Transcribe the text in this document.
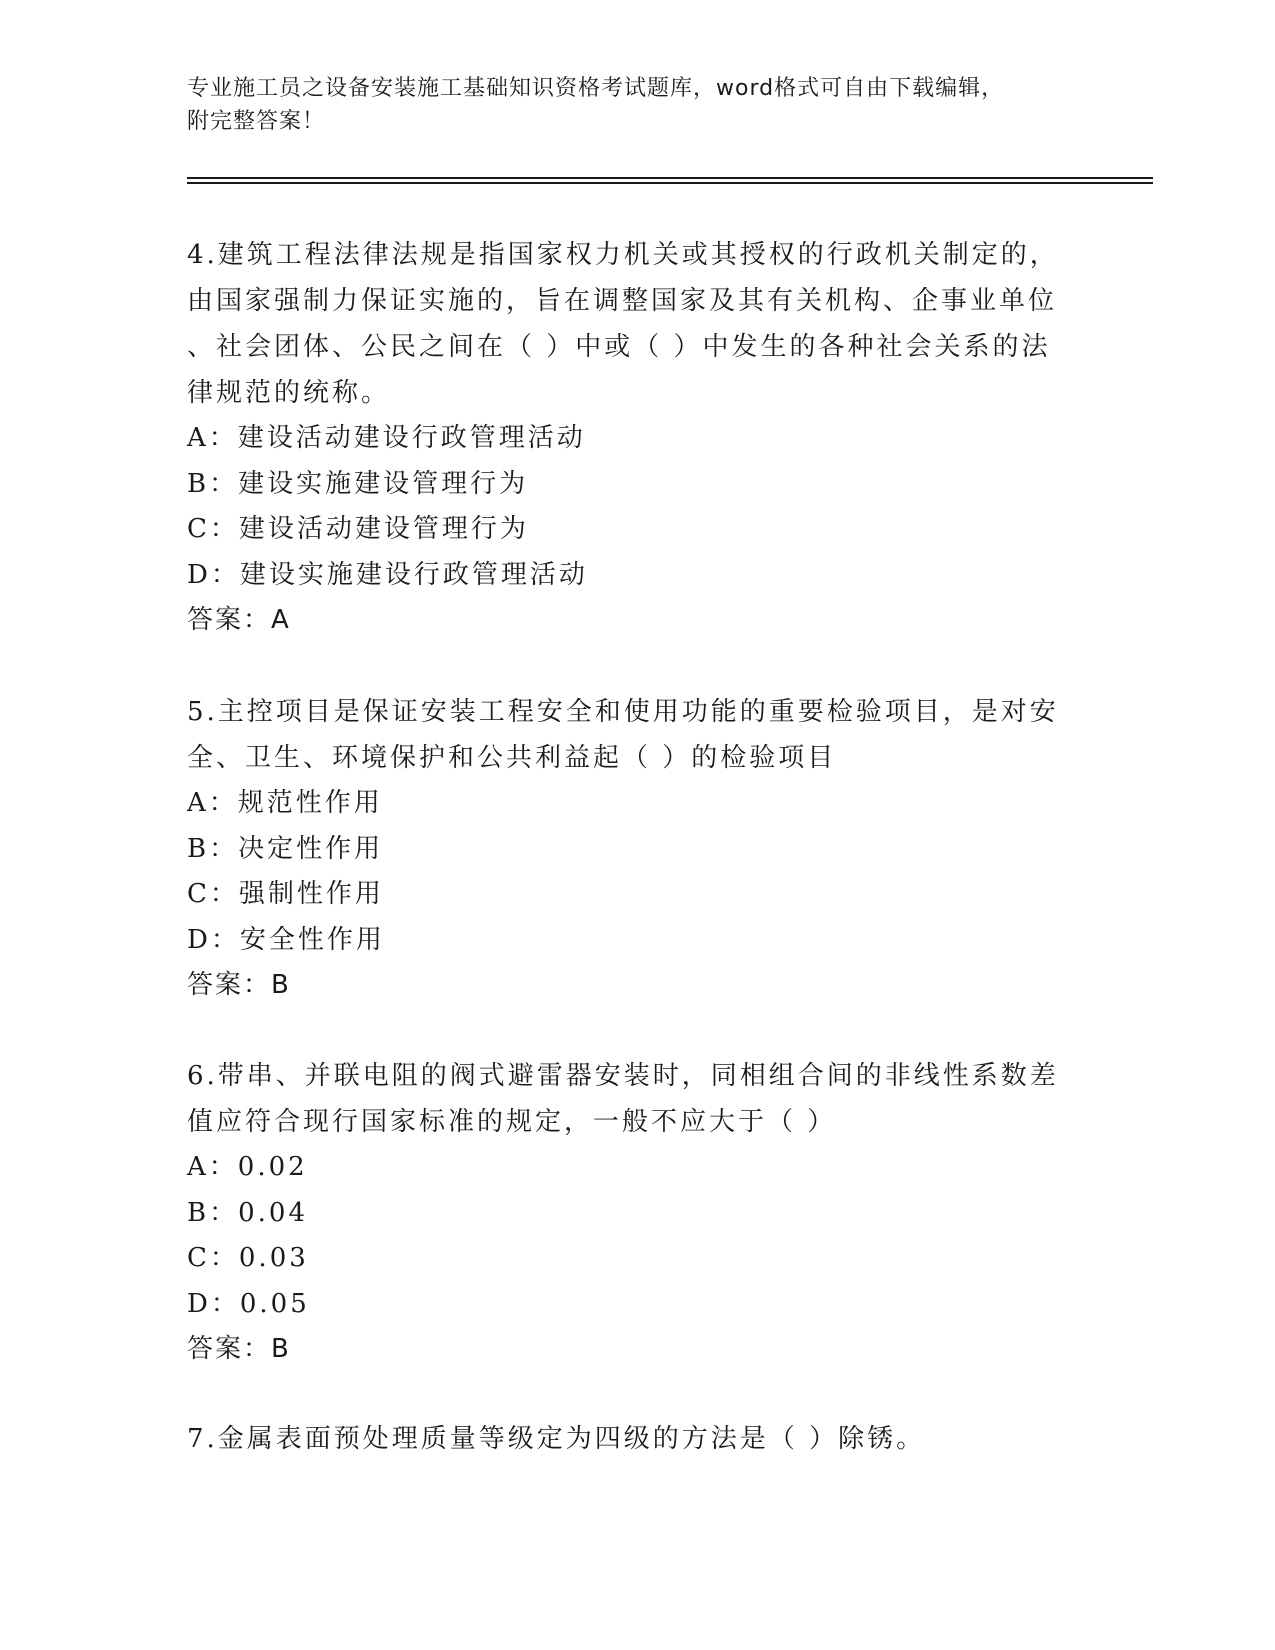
专业施工员之设备安装施工基础知识资格考试题库，word格式可自由下载编辑，
附完整答案！
4.建筑工程法律法规是指国家权力机关或其授权的行政机关制定的，
由国家强制力保证实施的，旨在调整国家及其有关机构、企事业单位
、社会团体、公民之间在（ ）中或（ ）中发生的各种社会关系的法
律规范的统称。
A：建设活动建设行政管理活动
B：建设实施建设管理行为
C：建设活动建设管理行为
D：建设实施建设行政管理活动
答案：A
5.主控项目是保证安装工程安全和使用功能的重要检验项目，是对安
全、卫生、环境保护和公共利益起（ ）的检验项目
A：规范性作用
B：决定性作用
C：强制性作用
D：安全性作用
答案：B
6.带串、并联电阻的阀式避雷器安装时，同相组合间的非线性系数差
值应符合现行国家标准的规定，一般不应大于（ ）
A：0.02
B：0.04
C：0.03
D：0.05
答案：B
7.金属表面预处理质量等级定为四级的方法是（ ）除锈。
